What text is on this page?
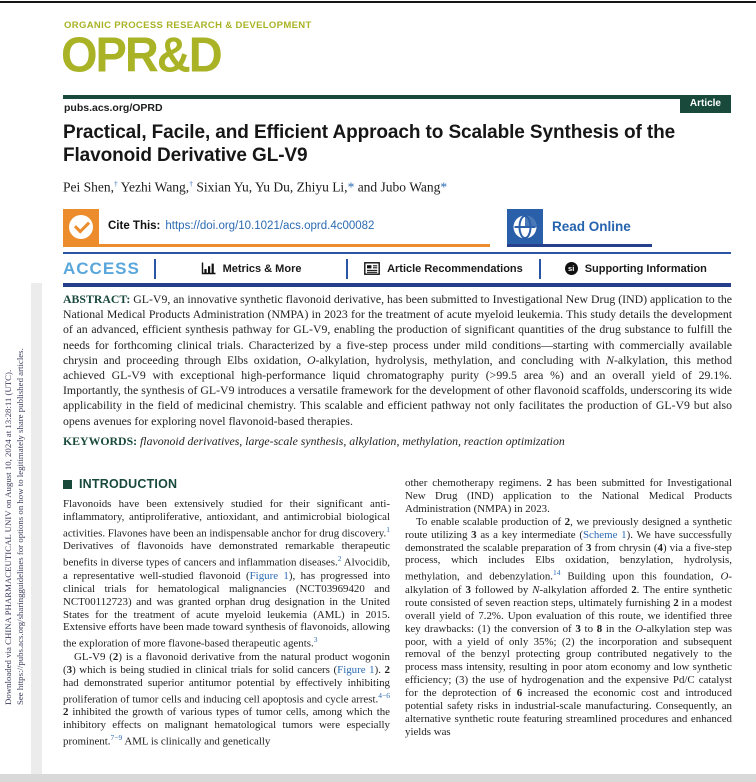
ORGANIC PROCESS RESEARCH & DEVELOPMENT
OPR&D
pubs.acs.org/OPRD	Article
Practical, Facile, and Efficient Approach to Scalable Synthesis of the Flavonoid Derivative GL-V9
Pei Shen,† Yezhi Wang,† Sixian Yu, Yu Du, Zhiyu Li,* and Jubo Wang*
Cite This: https://doi.org/10.1021/acs.oprd.4c00082	Read Online
ACCESS	Metrics & More	Article Recommendations	si Supporting Information
ABSTRACT: GL-V9, an innovative synthetic flavonoid derivative, has been submitted to Investigational New Drug (IND) application to the National Medical Products Administration (NMPA) in 2023 for the treatment of acute myeloid leukemia. This study details the development of an advanced, efficient synthesis pathway for GL-V9, enabling the production of significant quantities of the drug substance to fulfill the needs for forthcoming clinical trials. Characterized by a five-step process under mild conditions—starting with commercially available chrysin and proceeding through Elbs oxidation, O-alkylation, hydrolysis, methylation, and concluding with N-alkylation, this method achieved GL-V9 with exceptional high-performance liquid chromatography purity (>99.5 area %) and an overall yield of 29.1%. Importantly, the synthesis of GL-V9 introduces a versatile framework for the development of other flavonoid scaffolds, underscoring its wide applicability in the field of medicinal chemistry. This scalable and efficient pathway not only facilitates the production of GL-V9 but also opens avenues for exploring novel flavonoid-based therapies.
KEYWORDS: flavonoid derivatives, large-scale synthesis, alkylation, methylation, reaction optimization
INTRODUCTION

Flavonoids have been extensively studied for their significant anti-inflammatory, antiproliferative, antioxidant, and antimicrobial biological activities. Flavones have been an indispensable anchor for drug discovery.$^1$ Derivatives of flavonoids have demonstrated remarkable therapeutic benefits in diverse types of cancers and inflammation diseases.$^2$ Alvocidib, a representative well-studied flavonoid (Figure 1), has progressed into clinical trials for hematological malignancies (NCT03969420 and NCT00112723) and was granted orphan drug designation in the United States for the treatment of acute myeloid leukemia (AML) in 2015. Extensive efforts have been made toward synthesis of flavonoids, allowing the exploration of more flavone-based therapeutic agents.$^3$

GL-V9 (2) is a flavonoid derivative from the natural product wogonin (3) which is being studied in clinical trials for solid cancers (Figure 1). 2 had demonstrated superior antitumor potential by effectively inhibiting proliferation of tumor cells and inducing cell apoptosis and cycle arrest.$^{4-6}$ 2 inhibited the growth of various types of tumor cells, among which the inhibitory effects on malignant hematological tumors were especially prominent.$^{7-9}$ AML is clinically and genetically

other chemotherapy regimens. 2 has been submitted for Investigational New Drug (IND) application to the National Medical Products Administration (NMPA) in 2023.

To enable scalable production of 2, we previously designed a synthetic route utilizing 3 as a key intermediate (Scheme 1). We have successfully demonstrated the scalable preparation of 3 from chrysin (4) via a five-step process, which includes Elbs oxidation, benzylation, hydrolysis, methylation, and debenzylation.$^{14}$ Building upon this foundation, O-alkylation of 3 followed by N-alkylation afforded 2. The entire synthetic route consisted of seven reaction steps, ultimately furnishing 2 in a modest overall yield of 7.2%. Upon evaluation of this route, we identified three key drawbacks: (1) the conversion of 3 to 8 in the O-alkylation step was poor, with a yield of only 35%; (2) the incorporation and subsequent removal of the benzyl protecting group contributed negatively to the process mass intensity, resulting in poor atom economy and low synthetic efficiency; (3) the use of hydrogenation and the expensive Pd/C catalyst for the deprotection of 6 increased the economic cost and introduced potential safety risks in industrial-scale manufacturing. Consequently, an alternative synthetic route featuring streamlined procedures and enhanced yields was

Downloaded via CHINA PHARMACEUTICAL UNIV on August 10, 2024 at 13:28:11 (UTC). See https://pubs.acs.org/sharingguidelines for options on how to legitimately share published articles.
